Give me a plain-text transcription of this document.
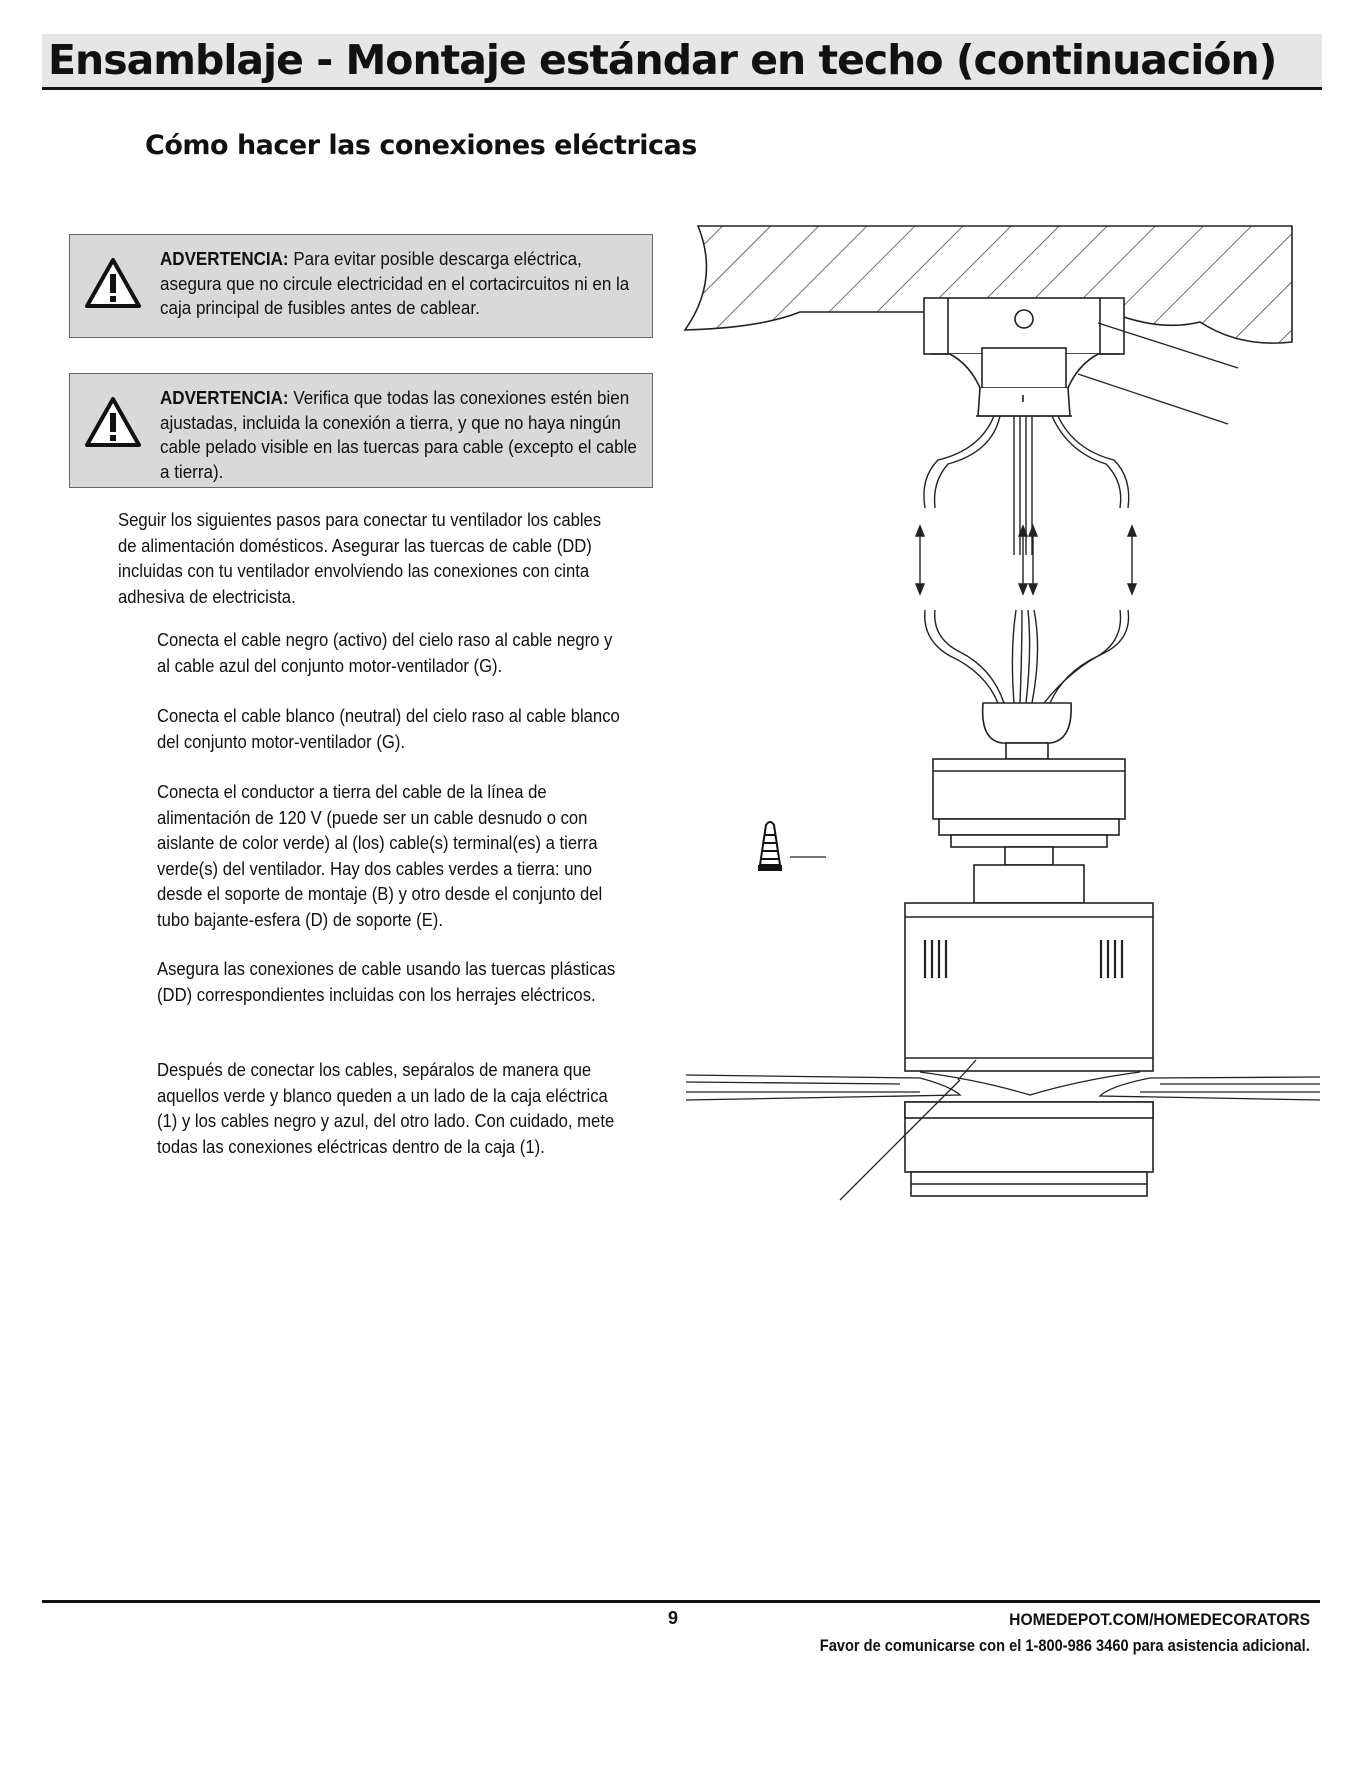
Ensamblaje - Montaje estándar en techo (continuación)
Cómo hacer las conexiones eléctricas
ADVERTENCIA: Para evitar posible descarga eléctrica, asegura que no circule electricidad en el cortacircuitos ni en la caja principal de fusibles antes de cablear.
ADVERTENCIA: Verifica que todas las conexiones estén bien ajustadas, incluida la conexión a tierra, y que no haya ningún cable pelado visible en las tuercas para cable (excepto el cable a tierra).

Seguir los siguientes pasos para conectar tu ventilador los cables de alimentación domésticos. Asegurar las tuercas de cable (DD) incluidas con tu ventilador envolviendo las conexiones con cinta adhesiva de electricista.

Conecta el cable negro (activo) del cielo raso al cable negro y al cable azul del conjunto motor-ventilador (G).

Conecta el cable blanco (neutral) del cielo raso al cable blanco del conjunto motor-ventilador (G).

Conecta el conductor a tierra del cable de la línea de alimentación de 120 V (puede ser un cable desnudo o con aislante de color verde) al (los) cable(s) terminal(es) a tierra verde(s) del ventilador. Hay dos cables verdes a tierra: uno desde el soporte de montaje (B) y otro desde el conjunto del tubo bajante-esfera (D) de soporte (E).

Asegura las conexiones de cable usando las tuercas plásticas (DD) correspondientes incluidas con los herrajes eléctricos.

Después de conectar los cables, sepáralos de manera que aquellos verde y blanco queden a un lado de la caja eléctrica (1) y los cables negro y azul, del otro lado. Con cuidado, mete todas las conexiones eléctricas dentro de la caja (1).

9	HOMEDEPOT.COM/HOMEDECORATORS
Favor de comunicarse con el 1-800-986 3460 para asistencia adicional.
